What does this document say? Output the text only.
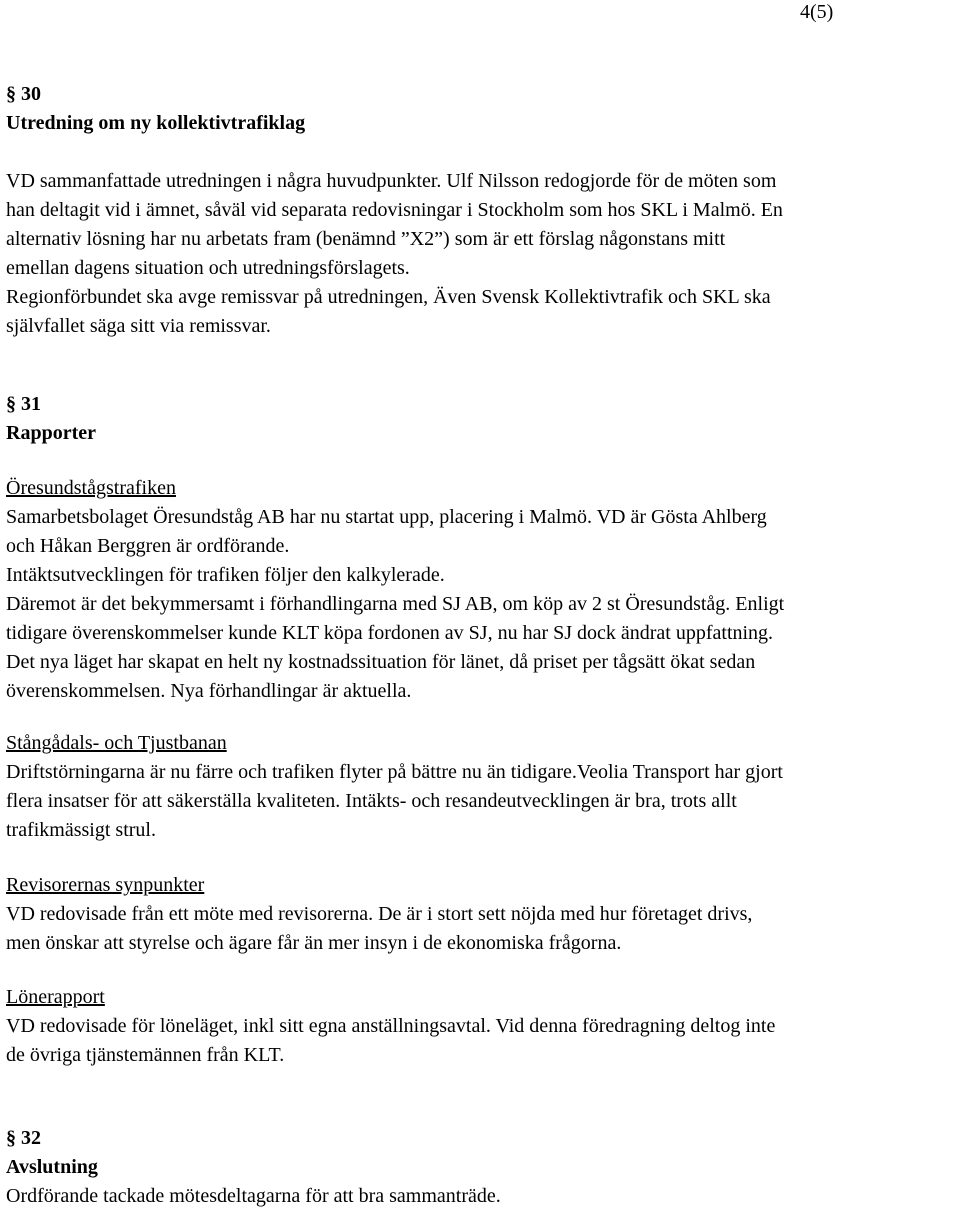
4(5)
§ 30
Utredning om ny kollektivtrafiklag
VD sammanfattade utredningen i några huvudpunkter. Ulf Nilsson redogjorde för de möten som
han deltagit vid i ämnet, såväl vid separata redovisningar i Stockholm som hos SKL i Malmö. En
alternativ lösning har nu arbetats fram (benämnd ”X2”) som är ett förslag någonstans mitt
emellan dagens situation och utredningsförslagets.
Regionförbundet ska avge remissvar på utredningen, Även Svensk Kollektivtrafik och SKL ska
självfallet säga sitt via remissvar.
§ 31
Rapporter
Öresundstågstrafiken
Samarbetsbolaget Öresundståg AB har nu startat upp, placering i Malmö. VD är Gösta Ahlberg
och Håkan Berggren är ordförande.
Intäktsutvecklingen för trafiken följer den kalkylerade.
Däremot är det bekymmersamt i förhandlingarna med SJ AB, om köp av 2 st Öresundståg. Enligt
tidigare överenskommelser kunde KLT köpa fordonen av SJ, nu har SJ dock ändrat uppfattning.
Det nya läget har skapat en helt ny kostnadssituation för länet, då priset per tågsätt ökat sedan
överenskommelsen. Nya förhandlingar är aktuella.
Stångådals- och Tjustbanan
Driftstörningarna är nu färre och trafiken flyter på bättre nu än tidigare.Veolia Transport har gjort
flera insatser för att säkerställa kvaliteten. Intäkts- och resandeutvecklingen är bra, trots allt
trafikmässigt strul.
Revisorernas synpunkter
VD redovisade från ett möte med revisorerna. De är i stort sett nöjda med hur företaget drivs,
men önskar att styrelse och ägare får än mer insyn i de ekonomiska frågorna.
Lönerapport
VD redovisade för löneläget, inkl sitt egna anställningsavtal. Vid denna föredragning deltog inte
de övriga tjänstemännen från KLT.
§ 32
Avslutning
Ordförande tackade mötesdeltagarna för att bra sammanträde.
